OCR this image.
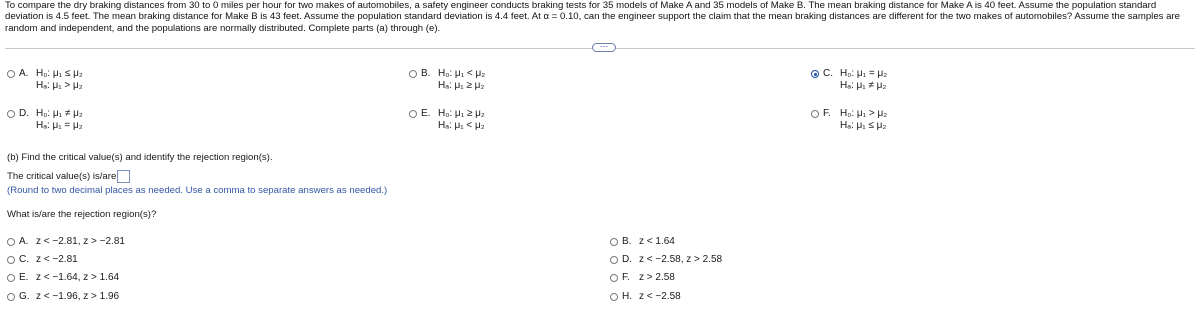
To compare the dry braking distances from 30 to 0 miles per hour for two makes of automobiles, a safety engineer conducts braking tests for 35 models of Make A and 35 models of Make B. The mean braking distance for Make A is 40 feet. Assume the population standard deviation is 4.5 feet. The mean braking distance for Make B is 43 feet. Assume the population standard deviation is 4.4 feet. At α = 0.10, can the engineer support the claim that the mean braking distances are different for the two makes of automobiles? Assume the samples are random and independent, and the populations are normally distributed. Complete parts (a) through (e).
⋯
A. H₀: μ₁ ≤ μ₂
Hₐ: μ₁ > μ₂
B. H₀: μ₁ < μ₂
Hₐ: μ₁ ≥ μ₂
C. H₀: μ₁ = μ₂
Hₐ: μ₁ ≠ μ₂
D. H₀: μ₁ ≠ μ₂
Hₐ: μ₁ = μ₂
E. H₀: μ₁ ≥ μ₂
Hₐ: μ₁ < μ₂
F. H₀: μ₁ > μ₂
Hₐ: μ₁ ≤ μ₂
(b) Find the critical value(s) and identify the rejection region(s).
The critical value(s) is/are
(Round to two decimal places as needed. Use a comma to separate answers as needed.)
What is/are the rejection region(s)?
A. z < −2.81, z > −2.81	B. z < 1.64
C. z < −2.81	D. z < −2.58, z > 2.58
E. z < −1.64, z > 1.64	F. z > 2.58
G. z < −1.96, z > 1.96	H. z < −2.58
